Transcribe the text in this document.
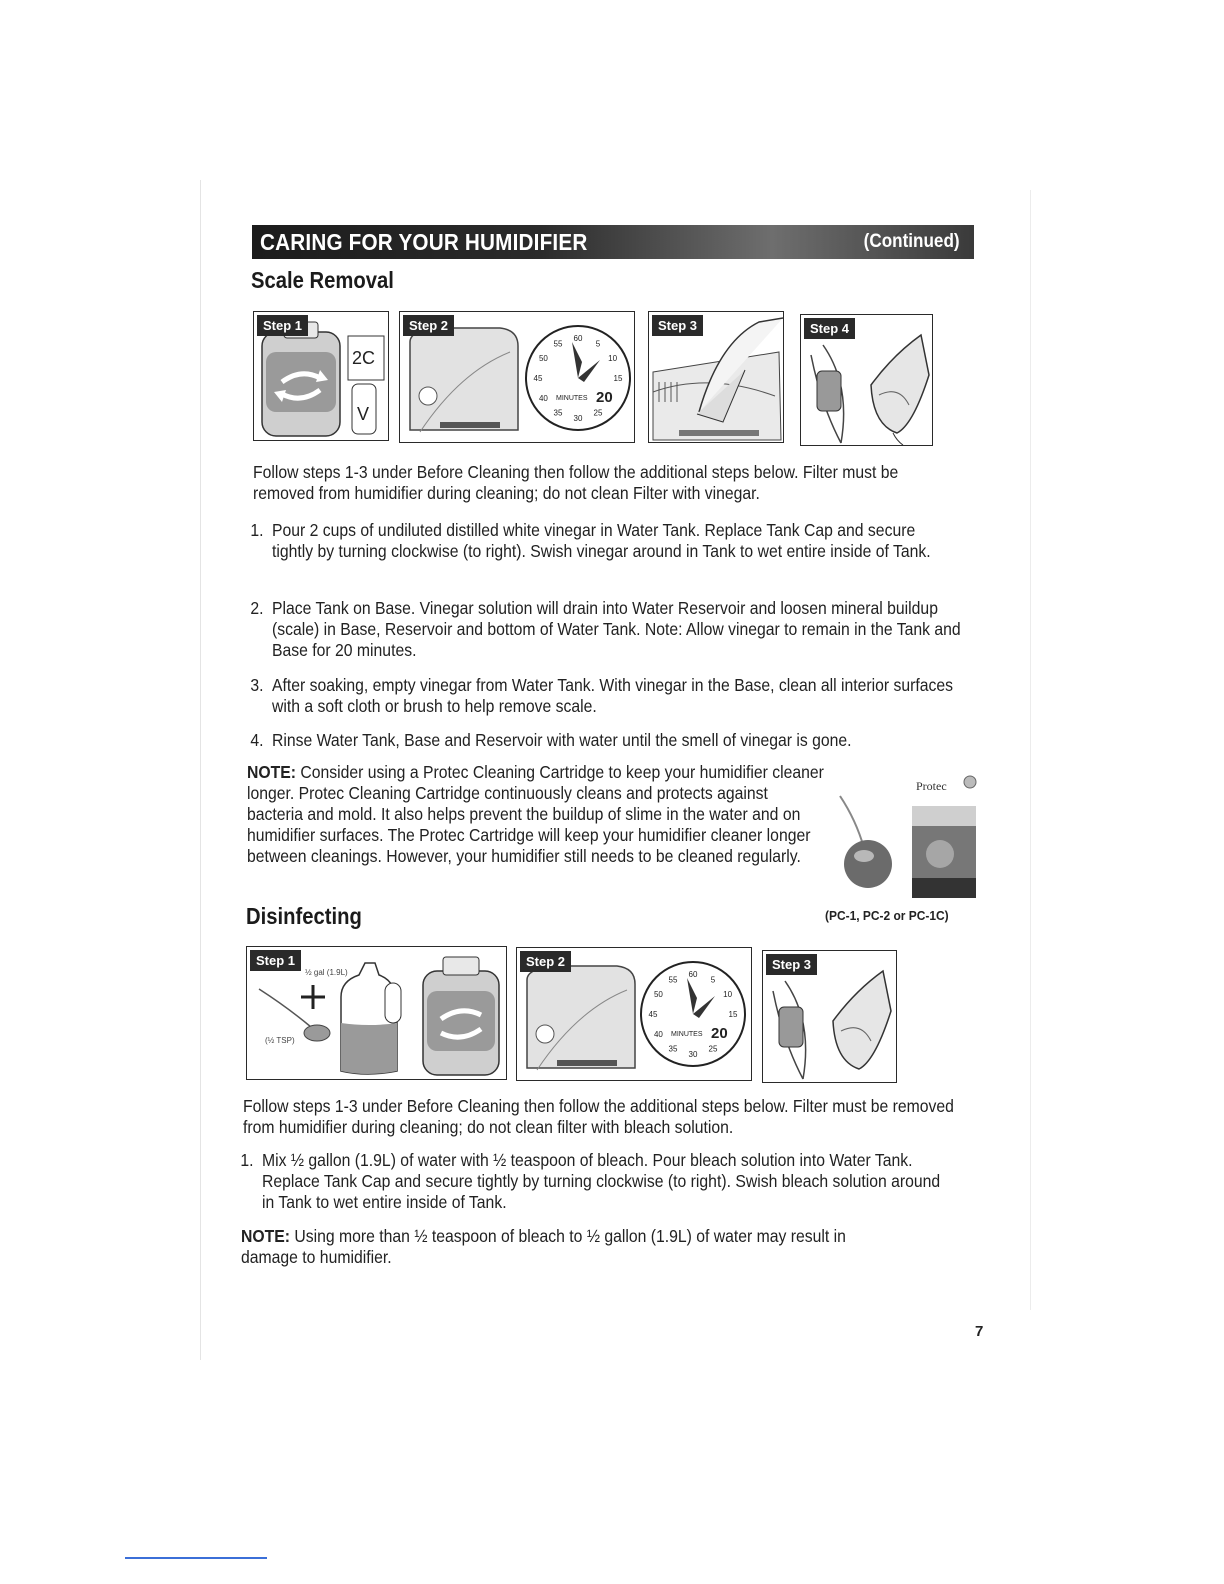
CARING FOR YOUR HUMIDIFIER	(Continued)
Scale Removal
Step 1
2C
V
Step 2
60
5
10
15
25
30
35
40
45
50
55
MINUTES 20
Step 3	Step 4
Follow steps 1-3 under Before Cleaning then follow the additional steps below. Filter must be removed from humidifier during cleaning; do not clean Filter with vinegar.
1. Pour 2 cups of undiluted distilled white vinegar in Water Tank. Replace Tank Cap and secure tightly by turning clockwise (to right). Swish vinegar around in Tank to wet entire inside of Tank.
2. Place Tank on Base. Vinegar solution will drain into Water Reservoir and loosen mineral buildup (scale) in Base, Reservoir and bottom of Water Tank. Note: Allow vinegar to remain in the Tank and Base for 20 minutes.
3. After soaking, empty vinegar from Water Tank. With vinegar in the Base, clean all interior surfaces with a soft cloth or brush to help remove scale.
4. Rinse Water Tank, Base and Reservoir with water until the smell of vinegar is gone.
NOTE: Consider using a Protec Cleaning Cartridge to keep your humidifier cleaner longer. Protec Cleaning Cartridge continuously cleans and protects against bacteria and mold. It also helps prevent the buildup of slime in the water and on humidifier surfaces. The Protec Cartridge will keep your humidifier cleaner longer between cleanings. However, your humidifier still needs to be cleaned regularly.
Protec
Disinfecting	(PC-1, PC-2 or PC-1C)
Step 1
½ gal (1.9L)
(½ TSP)
Step 2
60
5
10
15
25
30
35
40
45
50
55
MINUTES 20
Step 3
Follow steps 1-3 under Before Cleaning then follow the additional steps below. Filter must be removed from humidifier during cleaning; do not clean filter with bleach solution.
1. Mix ½ gallon (1.9L) of water with ½ teaspoon of bleach. Pour bleach solution into Water Tank. Replace Tank Cap and secure tightly by turning clockwise (to right). Swish bleach solution around in Tank to wet entire inside of Tank.
NOTE: Using more than ½ teaspoon of bleach to ½ gallon (1.9L) of water may result in damage to humidifier.
7
